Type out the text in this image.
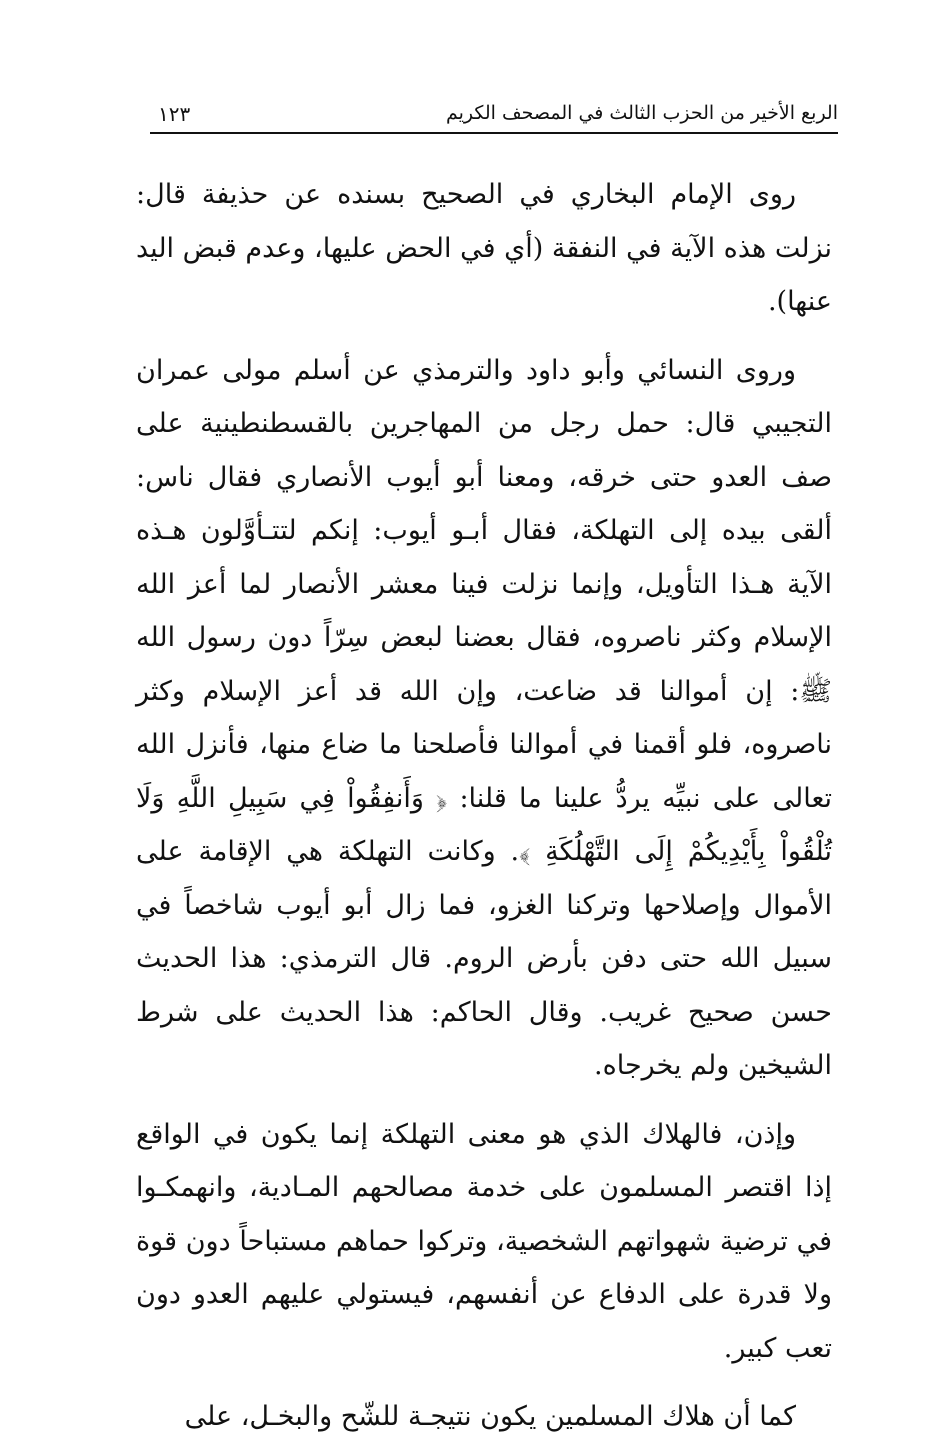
الربع الأخير من الحزب الثالث في المصحف الكريم
١٢٣

روى الإمام البخاري في الصحيح بسنده عن حذيفة قال: نزلت هذه الآية في النفقة (أي في الحض عليها، وعدم قبض اليد عنها).

وروى النسائي وأبو داود والترمذي عن أسلم مولى عمران التجيبي قال: حمل رجل من المهاجرين بالقسطنطينية على صف العدو حتى خرقه، ومعنا أبو أيوب الأنصاري فقال ناس: ألقى بيده إلى التهلكة، فقال أبـو أيوب: إنكم لتتـأوَّلون هـذه الآية هـذا التأويل، وإنما نزلت فينا معشر الأنصار لما أعز الله الإسلام وكثر ناصروه، فقال بعضنا لبعض سِرّاً دون رسول الله ﷺ: إن أموالنا قد ضاعت، وإن الله قد أعز الإسلام وكثر ناصروه، فلو أقمنا في أموالنا فأصلحنا ما ضاع منها، فأنزل الله تعالى على نبيِّه يردُّ علينا ما قلنا: ﴿ وَأَنفِقُواْ فِي سَبِيلِ اللَّهِ وَلَا تُلْقُواْ بِأَيْدِيكُمْ إِلَى التَّهْلُكَةِ ﴾. وكانت التهلكة هي الإقامة على الأموال وإصلاحها وتركنا الغزو، فما زال أبو أيوب شاخصاً في سبيل الله حتى دفن بأرض الروم. قال الترمذي: هذا الحديث حسن صحيح غريب. وقال الحاكم: هذا الحديث على شرط الشيخين ولم يخرجاه.

وإذن، فالهلاك الذي هو معنى التهلكة إنما يكون في الواقع إذا اقتصر المسلمون على خدمة مصالحهم المـادية، وانهمكـوا في ترضية شهواتهم الشخصية، وتركوا حماهم مستباحاً دون قوة ولا قدرة على الدفاع عن أنفسهم، فيستولي عليهم العدو دون تعب كبير.

كما أن هلاك المسلمين يكون نتيجـة للشّح والبخـل، على
